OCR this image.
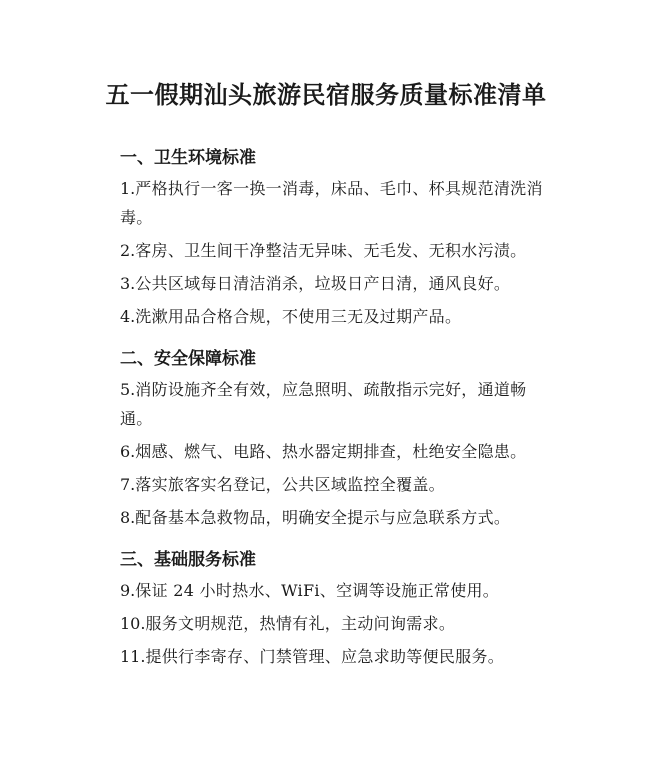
五一假期汕头旅游民宿服务质量标准清单
一、卫生环境标准
1.严格执行一客一换一消毒，床品、毛巾、杯具规范清洗消毒。
2.客房、卫生间干净整洁无异味、无毛发、无积水污渍。
3.公共区域每日清洁消杀，垃圾日产日清，通风良好。
4.洗漱用品合格合规，不使用三无及过期产品。
二、安全保障标准
5.消防设施齐全有效，应急照明、疏散指示完好，通道畅通。
6.烟感、燃气、电路、热水器定期排查，杜绝安全隐患。
7.落实旅客实名登记，公共区域监控全覆盖。
8.配备基本急救物品，明确安全提示与应急联系方式。
三、基础服务标准
9.保证 24 小时热水、WiFi、空调等设施正常使用。
10.服务文明规范，热情有礼，主动问询需求。
11.提供行李寄存、门禁管理、应急求助等便民服务。
